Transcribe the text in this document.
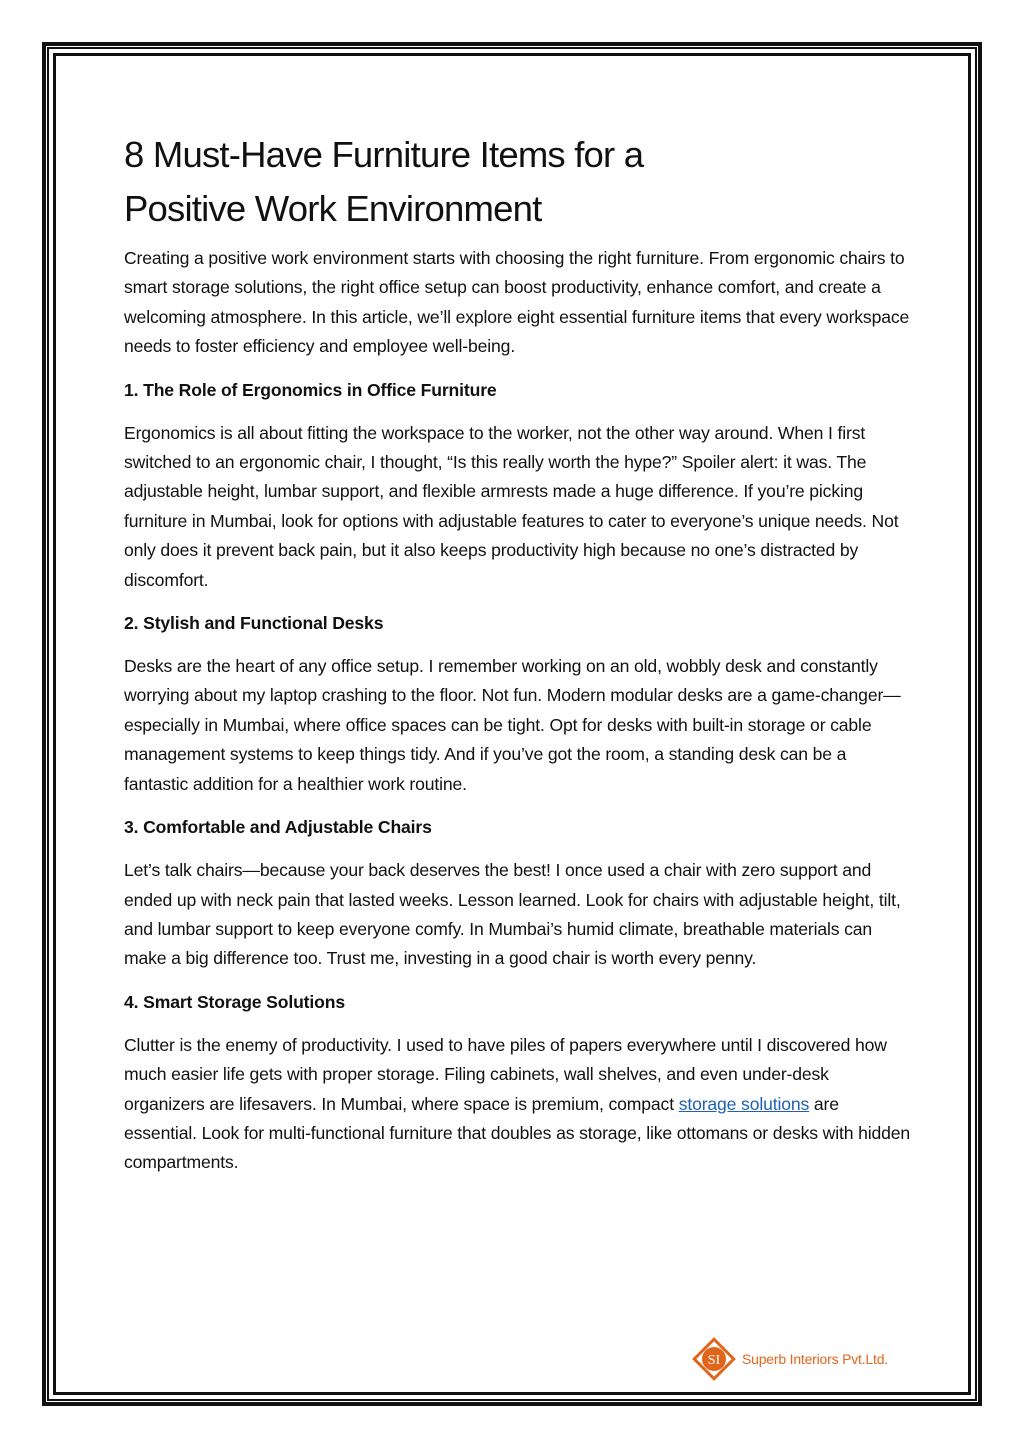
8 Must-Have Furniture Items for a
Positive Work Environment

Creating a positive work environment starts with choosing the right furniture. From ergonomic chairs to smart storage solutions, the right office setup can boost productivity, enhance comfort, and create a welcoming atmosphere. In this article, we’ll explore eight essential furniture items that every workspace needs to foster efficiency and employee well-being.

1. The Role of Ergonomics in Office Furniture

Ergonomics is all about fitting the workspace to the worker, not the other way around. When I first switched to an ergonomic chair, I thought, “Is this really worth the hype?” Spoiler alert: it was. The adjustable height, lumbar support, and flexible armrests made a huge difference. If you’re picking furniture in Mumbai, look for options with adjustable features to cater to everyone’s unique needs. Not only does it prevent back pain, but it also keeps productivity high because no one’s distracted by discomfort.

2. Stylish and Functional Desks

Desks are the heart of any office setup. I remember working on an old, wobbly desk and constantly worrying about my laptop crashing to the floor. Not fun. Modern modular desks are a game-changer—especially in Mumbai, where office spaces can be tight. Opt for desks with built-in storage or cable management systems to keep things tidy. And if you’ve got the room, a standing desk can be a fantastic addition for a healthier work routine.

3. Comfortable and Adjustable Chairs

Let’s talk chairs—because your back deserves the best! I once used a chair with zero support and ended up with neck pain that lasted weeks. Lesson learned. Look for chairs with adjustable height, tilt, and lumbar support to keep everyone comfy. In Mumbai’s humid climate, breathable materials can make a big difference too. Trust me, investing in a good chair is worth every penny.

4. Smart Storage Solutions

Clutter is the enemy of productivity. I used to have piles of papers everywhere until I discovered how much easier life gets with proper storage. Filing cabinets, wall shelves, and even under-desk organizers are lifesavers. In Mumbai, where space is premium, compact storage solutions are essential. Look for multi-functional furniture that doubles as storage, like ottomans or desks with hidden compartments.

SI Superb Interiors Pvt.Ltd.
